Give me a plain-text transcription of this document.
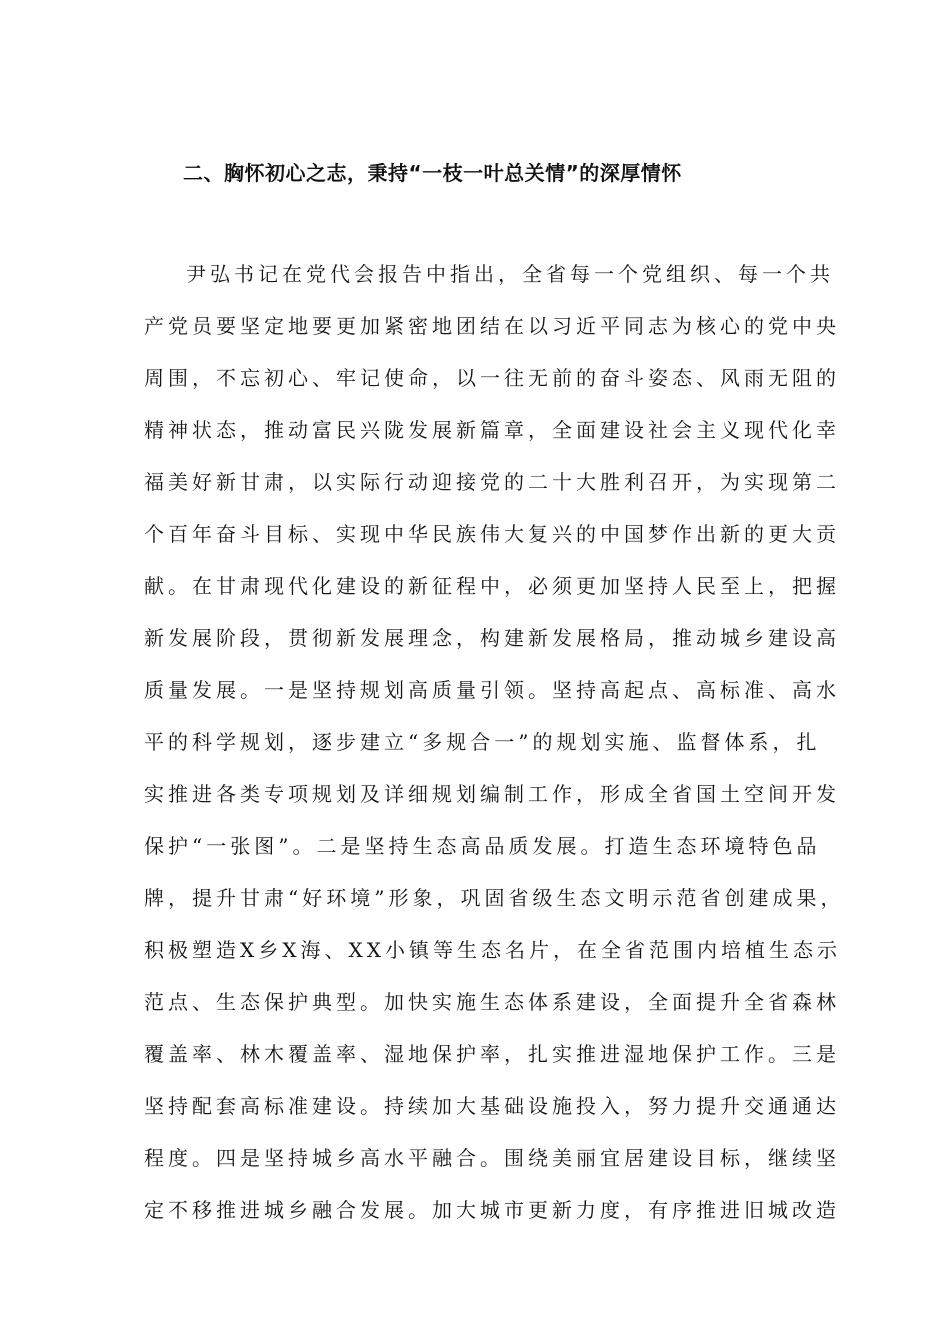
二、胸怀初心之志，秉持“一枝一叶总关情”的深厚情怀
尹弘书记在党代会报告中指出，全省每一个党组织、每一个共
产党员要坚定地要更加紧密地团结在以习近平同志为核心的党中央
周围，不忘初心、牢记使命，以一往无前的奋斗姿态、风雨无阻的
精神状态，推动富民兴陇发展新篇章，全面建设社会主义现代化幸
福美好新甘肃，以实际行动迎接党的二十大胜利召开，为实现第二
个百年奋斗目标、实现中华民族伟大复兴的中国梦作出新的更大贡
献。在甘肃现代化建设的新征程中，必须更加坚持人民至上，把握
新发展阶段，贯彻新发展理念，构建新发展格局，推动城乡建设高
质量发展。一是坚持规划高质量引领。坚持高起点、高标准、高水
平的科学规划，逐步建立“多规合一”的规划实施、监督体系，扎
实推进各类专项规划及详细规划编制工作，形成全省国土空间开发
保护“一张图”。二是坚持生态高品质发展。打造生态环境特色品
牌，提升甘肃“好环境”形象，巩固省级生态文明示范省创建成果，
积极塑造X乡X海、XX小镇等生态名片，在全省范围内培植生态示
范点、生态保护典型。加快实施生态体系建设，全面提升全省森林
覆盖率、林木覆盖率、湿地保护率，扎实推进湿地保护工作。三是
坚持配套高标准建设。持续加大基础设施投入，努力提升交通通达
程度。四是坚持城乡高水平融合。围绕美丽宜居建设目标，继续坚
定不移推进城乡融合发展。加大城市更新力度，有序推进旧城改造
